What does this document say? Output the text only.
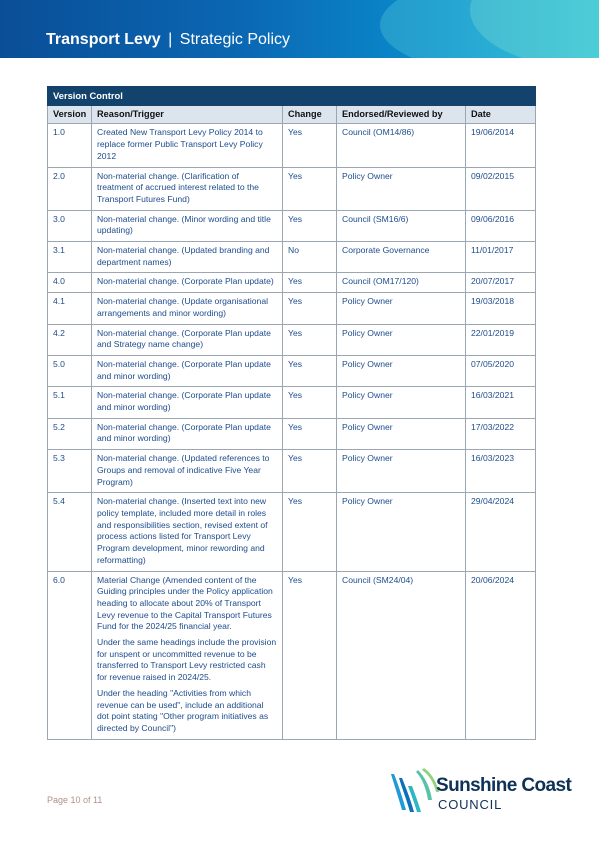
Transport Levy | Strategic Policy
Version Control				
Version	Reason/Trigger	Change	Endorsed/Reviewed by	Date
1.0	Created New Transport Levy Policy 2014 to replace former Public Transport Levy Policy 2012	Yes	Council (OM14/86)	19/06/2014
2.0	Non-material change. (Clarification of treatment of accrued interest related to the Transport Futures Fund)	Yes	Policy Owner	09/02/2015
3.0	Non-material change. (Minor wording and title updating)	Yes	Council (SM16/6)	09/06/2016
3.1	Non-material change. (Updated branding and department names)	No	Corporate Governance	11/01/2017
4.0	Non-material change. (Corporate Plan update)	Yes	Council (OM17/120)	20/07/2017
4.1	Non-material change. (Update organisational arrangements and minor wording)	Yes	Policy Owner	19/03/2018
4.2	Non-material change. (Corporate Plan update and Strategy name change)	Yes	Policy Owner	22/01/2019
5.0	Non-material change. (Corporate Plan update and minor wording)	Yes	Policy Owner	07/05/2020
5.1	Non-material change. (Corporate Plan update and minor wording)	Yes	Policy Owner	16/03/2021
5.2	Non-material change. (Corporate Plan update and minor wording)	Yes	Policy Owner	17/03/2022
5.3	Non-material change. (Updated references to Groups and removal of indicative Five Year Program)	Yes	Policy Owner	16/03/2023
5.4	Non-material change. (Inserted text into new policy template, included more detail in roles and responsibilities section, revised extent of process actions listed for Transport Levy Program development, minor rewording and reformatting)	Yes	Policy Owner	29/04/2024
6.0	Material Change (Amended content of the Guiding principles under the Policy application heading to allocate about 20% of Transport Levy revenue to the Capital Transport Futures Fund for the 2024/25 financial year.

Under the same headings include the provision for unspent or uncommitted revenue to be transferred to Transport Levy restricted cash for revenue raised in 2024/25.

Under the heading "Activities from which revenue can be used", include an additional dot point stating "Other program initiatives as directed by Council")	Yes	Council (SM24/04)	20/06/2024
Page 10 of 11
Sunshine Coast
COUNCIL
